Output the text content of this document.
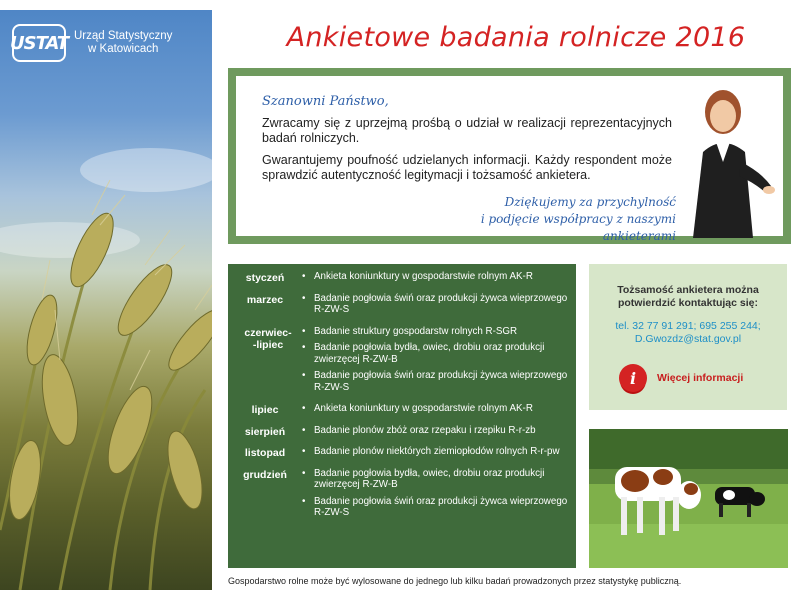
USTAT Urząd Statystyczny
w Katowicach	Ankietowe badania rolnicze 2016
Szanowni Państwo,
Zwracamy się z uprzejmą prośbą o udział w realizacji reprezentacyjnych badań rolniczych.
Gwarantujemy poufność udzielanych informacji. Każdy respondent może sprawdzić autentyczność legitymacji i tożsamość ankietera.
Dziękujemy za przychylność
i podjęcie współpracy z naszymi ankieterami
styczeń	• Ankieta koniunktury w gospodarstwie rolnym AK-R
marzec	• Badanie pogłowia świń oraz produkcji żywca wieprzowego R-ZW-S
czerwiec-
-lipiec
• Badanie struktury gospodarstw rolnych R-SGR
• Badanie pogłowia bydła, owiec, drobiu oraz produkcji zwierzęcej R-ZW-B
• Badanie pogłowia świń oraz produkcji żywca wieprzowego R-ZW-S
lipiec	• Ankieta koniunktury w gospodarstwie rolnym AK-R
sierpień	• Badanie plonów zbóż oraz rzepaku i rzepiku R-r-zb
listopad	• Badanie plonów niektórych ziemiopłodów rolnych R-r-pw
grudzień	• Badanie pogłowia bydła, owiec, drobiu oraz produkcji zwierzęcej R-ZW-B
• Badanie pogłowia świń oraz produkcji żywca wieprzowego R-ZW-S
Tożsamość ankietera można potwierdzić kontaktując się:
tel. 32 77 91 291; 695 255 244;
D.Gwozdz@stat.gov.pl
i	Więcej informacji
Gospodarstwo rolne może być wylosowane do jednego lub kilku badań prowadzonych przez statystykę publiczną.
